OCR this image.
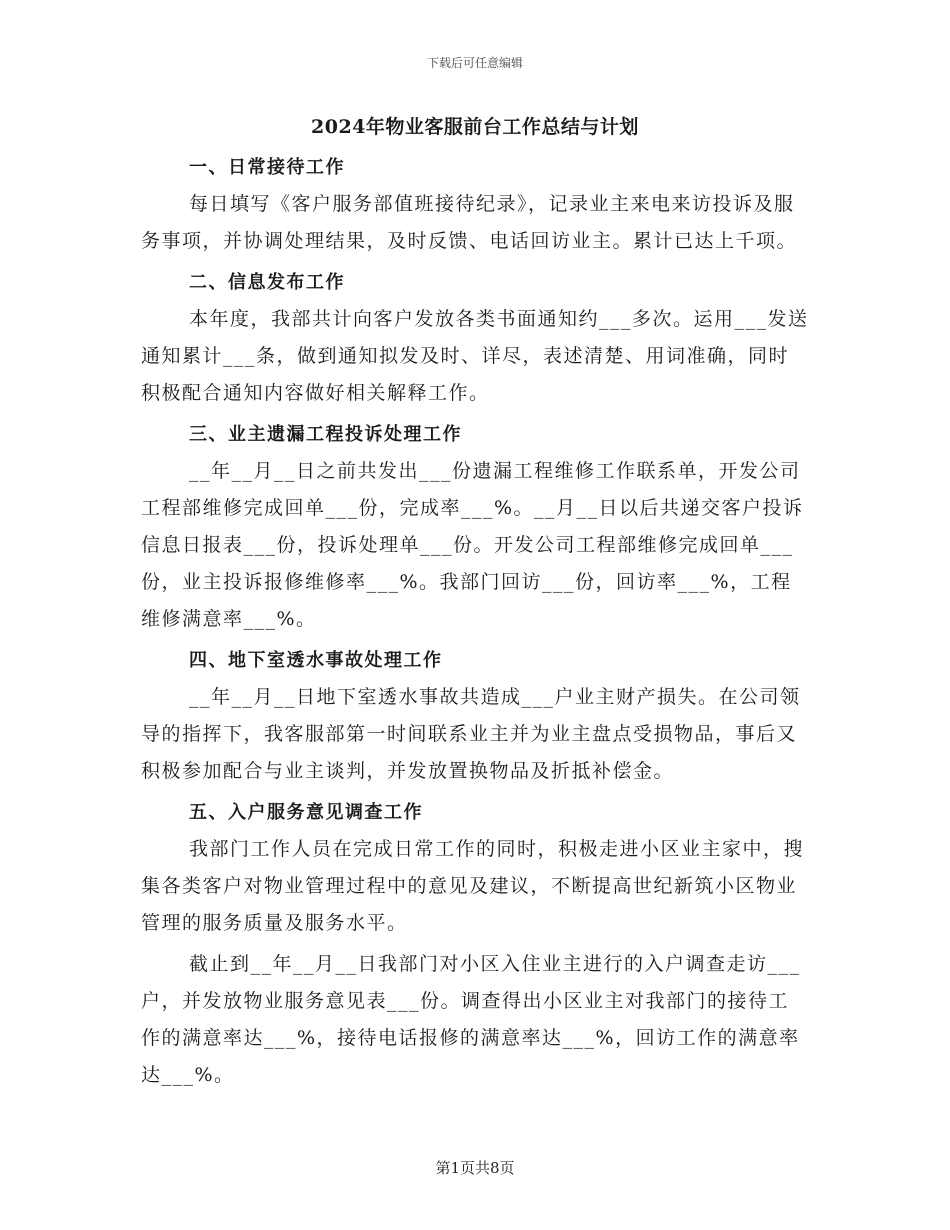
下载后可任意编辑
2024年物业客服前台工作总结与计划
一、日常接待工作

每日填写《客户服务部值班接待纪录》，记录业主来电来访投诉及服务事项，并协调处理结果，及时反馈、电话回访业主。累计已达上千项。

二、信息发布工作

本年度，我部共计向客户发放各类书面通知约___多次。运用___发送通知累计___条，做到通知拟发及时、详尽，表述清楚、用词准确，同时积极配合通知内容做好相关解释工作。

三、业主遗漏工程投诉处理工作

__年__月__日之前共发出___份遗漏工程维修工作联系单，开发公司工程部维修完成回单___份，完成率___%。__月__日以后共递交客户投诉信息日报表___份，投诉处理单___份。开发公司工程部维修完成回单___份，业主投诉报修维修率___%。我部门回访___份，回访率___%，工程维修满意率___%。

四、地下室透水事故处理工作

__年__月__日地下室透水事故共造成___户业主财产损失。在公司领导的指挥下，我客服部第一时间联系业主并为业主盘点受损物品，事后又积极参加配合与业主谈判，并发放置换物品及折抵补偿金。

五、入户服务意见调查工作

我部门工作人员在完成日常工作的同时，积极走进小区业主家中，搜集各类客户对物业管理过程中的意见及建议，不断提高世纪新筑小区物业管理的服务质量及服务水平。

截止到__年__月__日我部门对小区入住业主进行的入户调查走访___户，并发放物业服务意见表___份。调查得出小区业主对我部门的接待工作的满意率达___%，接待电话报修的满意率达___%，回访工作的满意率达___%。

第1页共8页
